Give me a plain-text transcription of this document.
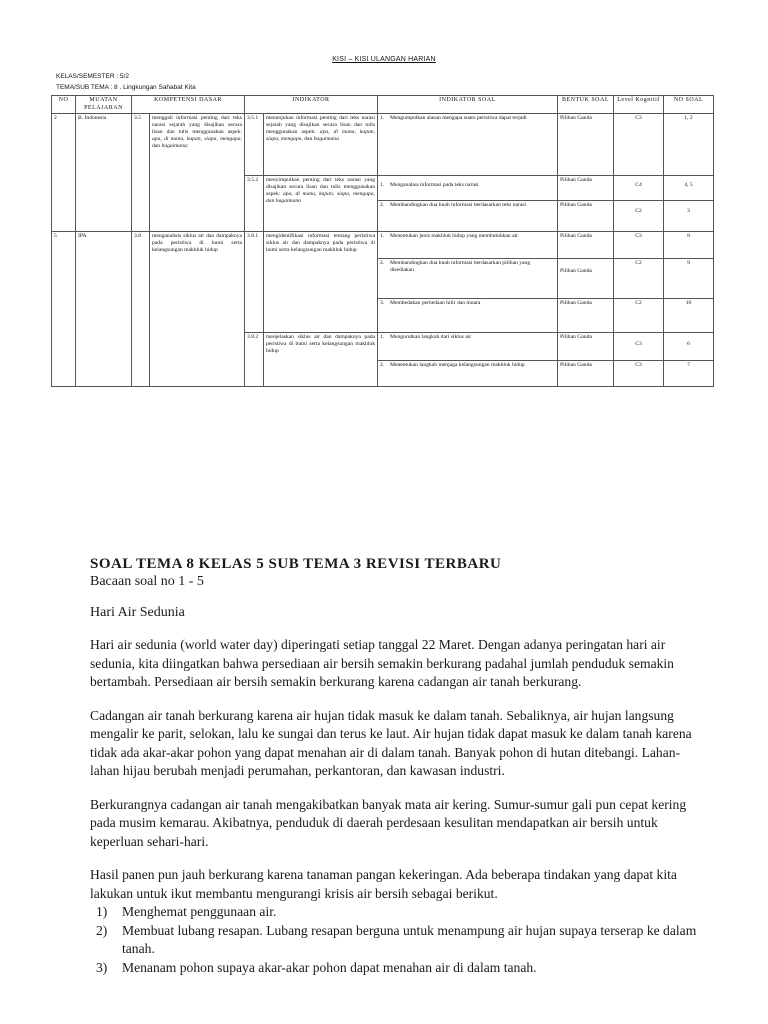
KISI – KISI ULANGAN HARIAN
KELAS/SEMESTER : 5/2
TEMA/SUB TEMA : 8 . Lingkungan Sahabat Kita
NO	MUATAN PELAJARAN	KOMPETENSI DASAR		INDIKATOR		INDIKATOR SOAL	BENTUK SOAL	Level Kognitif	NO SOAL
2	B. Indonesia	3.5	menggali informasi penting dari teks narasi sejarah yang disajikan secara lisan dan tulis menggunakan aspek: apa, di mana, kapan, siapa, mengapa, dan bagaimana;	3.5.1	menunjukan informasi penting dari teks narasi sejarah yang disajikan secara lisan dan tulis menggunakan aspek: apa, di mana, kapan, siapa, mengapa, dan bagaimana	1. Mengumpulkan alasan mengapa suatu peristiwa dapat terjadi	Pilihan Ganda	C3	1, 2
				3.5.2	menyimpulkan penting dari teks narasi yang disajikan secara lisan dan tulis menggunakan aspek: apa, di mana, kapan, siapa, mengapa, dan bagaimana	1. Menganalisa informasi pada teks narasi	Pilihan Ganda	C4	4, 5

						2. Membandingkan dua buah informasi berdasarkan teks narasi	Pilihan Ganda	C2	3

5	IPA	3.8	menganalisis siklus air dan dampaknya pada peristiwa di bumi serta kelangsungan makhluk hidup	3.8.1	mengidentifikasi informasi tentang peristiwa siklus air dan dampaknya pada peristiwa di bumi serta kelangsungan makhluk hidup	1. Menentukan jenis makhluk hidup yang membutuhkan air	Pilihan Ganda	C3	8

						2. Membandingkan dua buah informasi berdasarkan pilihan yang disediakan	Pilihan Ganda	C2	9

						3. Membedakan perbedaan hilir dan muara	Pilihan Ganda	C2	10
				3.8.2	menjelaskan siklus air dan dampaknya pada peristiwa di bumi serta kelangsungan makhluk hidup	1. Mengurutkan langkah dari siklus air	Pilihan Ganda	C3	6

						2. Menentukan langkah menjaga kelangsungan makhluk hidup	Pilihan Ganda	C3	7

SOAL TEMA 8 KELAS 5 SUB TEMA 3 REVISI TERBARU

Bacaan soal no 1 - 5

Hari Air Sedunia

Hari air sedunia (world water day) diperingati setiap tanggal 22 Maret. Dengan adanya peringatan hari air sedunia, kita diingatkan bahwa persediaan air bersih semakin berkurang padahal jumlah penduduk semakin bertambah. Persediaan air bersih semakin berkurang karena cadangan air tanah berkurang.

Cadangan air tanah berkurang karena air hujan tidak masuk ke dalam tanah. Sebaliknya, air hujan langsung mengalir ke parit, selokan, lalu ke sungai dan terus ke laut. Air hujan tidak dapat masuk ke dalam tanah karena tidak ada akar-akar pohon yang dapat menahan air di dalam tanah. Banyak pohon di hutan ditebangi. Lahan-lahan hijau berubah menjadi perumahan, perkantoran, dan kawasan industri.

Berkurangnya cadangan air tanah mengakibatkan banyak mata air kering. Sumur-sumur gali pun cepat kering pada musim kemarau. Akibatnya, penduduk di daerah perdesaan kesulitan mendapatkan air bersih untuk keperluan sehari-hari.

Hasil panen pun jauh berkurang karena tanaman pangan kekeringan. Ada beberapa tindakan yang dapat kita lakukan untuk ikut membantu mengurangi krisis air bersih sebagai berikut.

1)	Menghemat penggunaan air.
2)	Membuat lubang resapan. Lubang resapan berguna untuk menampung air hujan supaya terserap ke dalam tanah.
3)	Menanam pohon supaya akar-akar pohon dapat menahan air di dalam tanah.
